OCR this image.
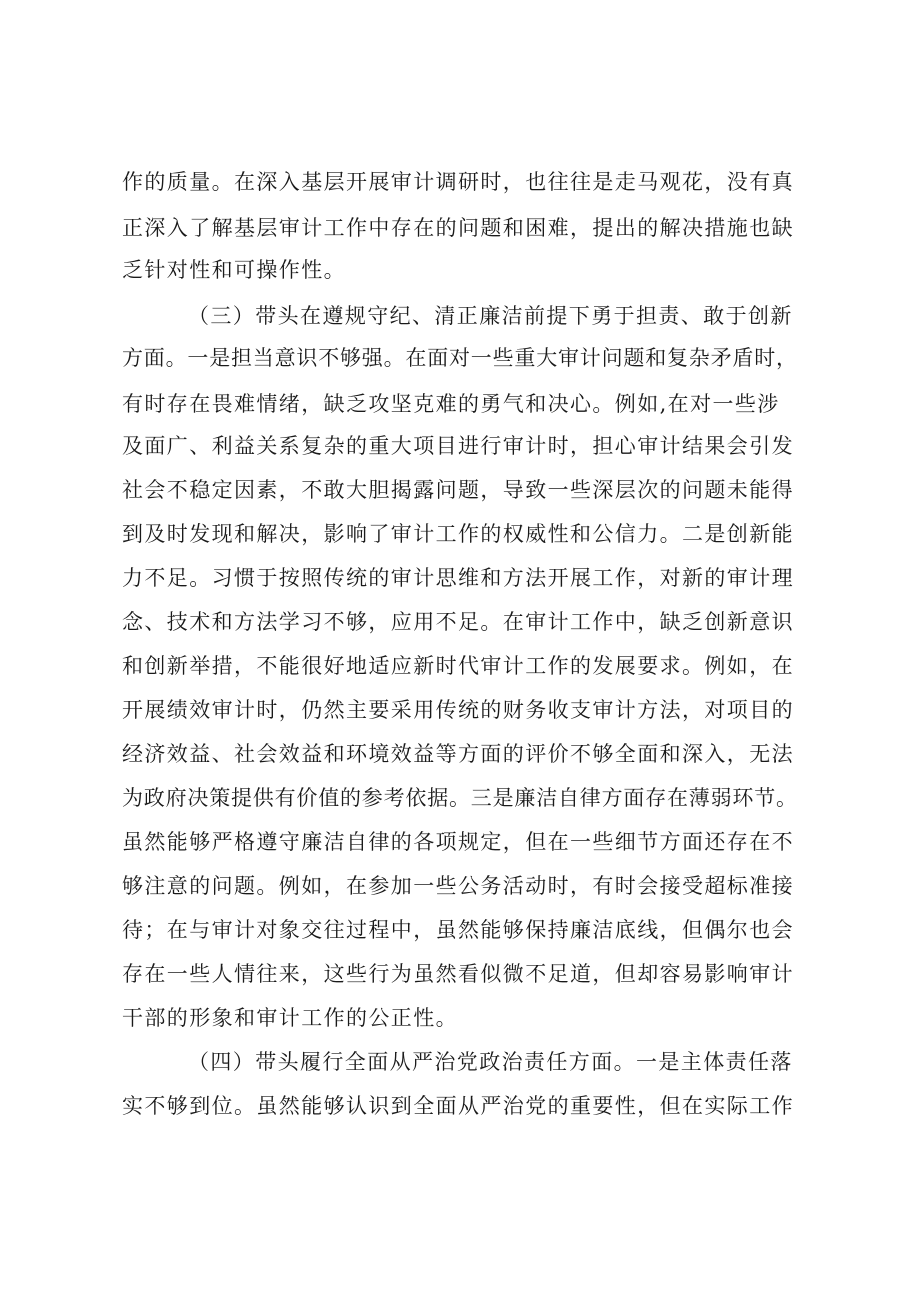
作的质量。在深入基层开展审计调研时，也往往是走马观花，没有真
正深入了解基层审计工作中存在的问题和困难，提出的解决措施也缺
乏针对性和可操作性。
（三）带头在遵规守纪、清正廉洁前提下勇于担责、敢于创新
方面。一是担当意识不够强。在面对一些重大审计问题和复杂矛盾时，
有时存在畏难情绪，缺乏攻坚克难的勇气和决心。例如,在对一些涉
及面广、利益关系复杂的重大项目进行审计时，担心审计结果会引发
社会不稳定因素，不敢大胆揭露问题，导致一些深层次的问题未能得
到及时发现和解决，影响了审计工作的权威性和公信力。二是创新能
力不足。习惯于按照传统的审计思维和方法开展工作，对新的审计理
念、技术和方法学习不够，应用不足。在审计工作中，缺乏创新意识
和创新举措，不能很好地适应新时代审计工作的发展要求。例如，在
开展绩效审计时，仍然主要采用传统的财务收支审计方法，对项目的
经济效益、社会效益和环境效益等方面的评价不够全面和深入，无法
为政府决策提供有价值的参考依据。三是廉洁自律方面存在薄弱环节。
虽然能够严格遵守廉洁自律的各项规定，但在一些细节方面还存在不
够注意的问题。例如，在参加一些公务活动时，有时会接受超标准接
待；在与审计对象交往过程中，虽然能够保持廉洁底线，但偶尔也会
存在一些人情往来，这些行为虽然看似微不足道，但却容易影响审计
干部的形象和审计工作的公正性。
（四）带头履行全面从严治党政治责任方面。一是主体责任落
实不够到位。虽然能够认识到全面从严治党的重要性，但在实际工作
